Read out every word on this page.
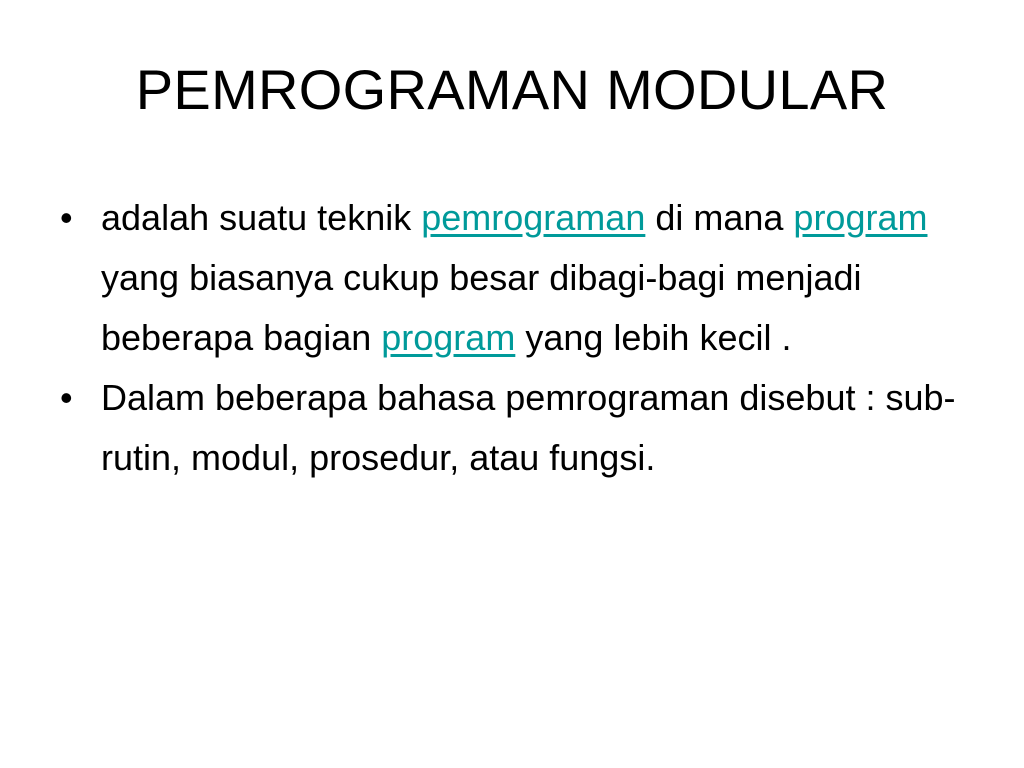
PEMROGRAMAN MODULAR
• adalah suatu teknik pemrograman di mana program yang biasanya cukup besar dibagi-bagi menjadi beberapa bagian program yang lebih kecil .
• Dalam beberapa bahasa pemrograman disebut : sub-rutin, modul, prosedur, atau fungsi.
